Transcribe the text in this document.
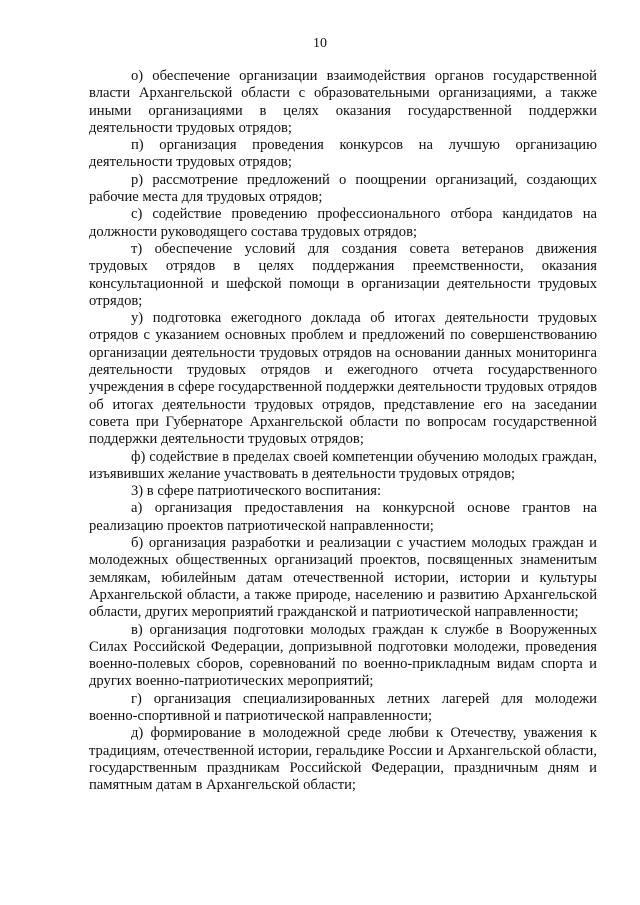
10

о) обеспечение организации взаимодействия органов государственной власти Архангельской области с образовательными организациями, а также иными организациями в целях оказания государственной поддержки деятельности трудовых отрядов;

п) организация проведения конкурсов на лучшую организацию деятельности трудовых отрядов;

р) рассмотрение предложений о поощрении организаций, создающих рабочие места для трудовых отрядов;

с) содействие проведению профессионального отбора кандидатов на должности руководящего состава трудовых отрядов;

т) обеспечение условий для создания совета ветеранов движения трудовых отрядов в целях поддержания преемственности, оказания консультационной и шефской помощи в организации деятельности трудовых отрядов;

у) подготовка ежегодного доклада об итогах деятельности трудовых отрядов с указанием основных проблем и предложений по совершенствованию организации деятельности трудовых отрядов на основании данных мониторинга деятельности трудовых отрядов и ежегодного отчета государственного учреждения в сфере государственной поддержки деятельности трудовых отрядов об итогах деятельности трудовых отрядов, представление его на заседании совета при Губернаторе Архангельской области по вопросам государственной поддержки деятельности трудовых отрядов;

ф) содействие в пределах своей компетенции обучению молодых граждан, изъявивших желание участвовать в деятельности трудовых отрядов;

3) в сфере патриотического воспитания:

а) организация предоставления на конкурсной основе грантов на реализацию проектов патриотической направленности;

б) организация разработки и реализации с участием молодых граждан и молодежных общественных организаций проектов, посвященных знаменитым землякам, юбилейным датам отечественной истории, истории и культуры Архангельской области, а также природе, населению и развитию Архангельской области, других мероприятий гражданской и патриотической направленности;

в) организация подготовки молодых граждан к службе в Вооруженных Силах Российской Федерации, допризывной подготовки молодежи, проведения военно-полевых сборов, соревнований по военно-прикладным видам спорта и других военно-патриотических мероприятий;

г) организация специализированных летних лагерей для молодежи военно-спортивной и патриотической направленности;

д) формирование в молодежной среде любви к Отечеству, уважения к традициям, отечественной истории, геральдике России и Архангельской области, государственным праздникам Российской Федерации, праздничным дням и памятным датам в Архангельской области;
